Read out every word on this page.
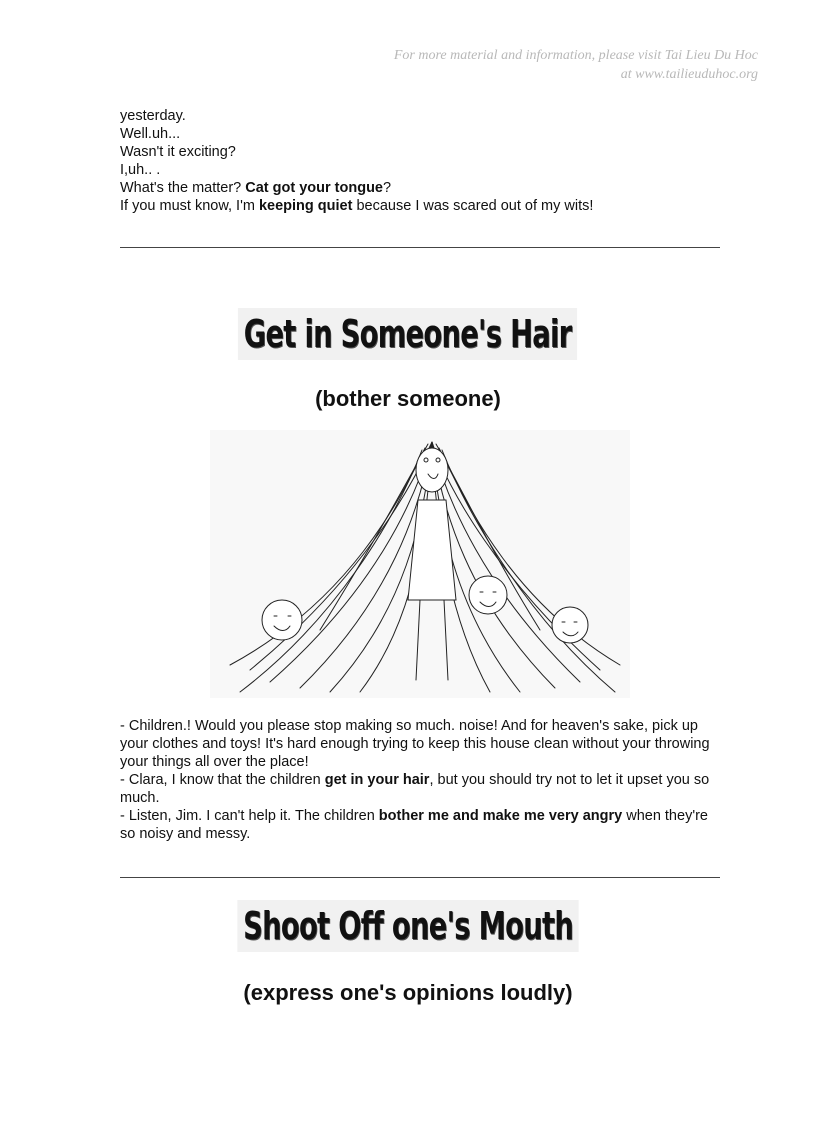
For more material and information, please visit Tai Lieu Du Hoc
at www.tailieuduhoc.org

yesterday.

Well.uh...

Wasn't it exciting?

I,uh.. .

What's the matter? Cat got your tongue?

If you must know, I'm keeping quiet because I was scared out of my wits!

Get in Someone's Hair
(bother someone)

- Children.! Would you please stop making so much. noise! And for heaven's sake, pick up your clothes and toys! It's hard enough trying to keep this house clean without your throwing your things all over the place!

- Clara, I know that the children get in your hair, but you should try not to let it upset you so much.

- Listen, Jim. I can't help it. The children bother me and make me very angry when they're so noisy and messy.

Shoot Off one's Mouth
(express one's opinions loudly)
